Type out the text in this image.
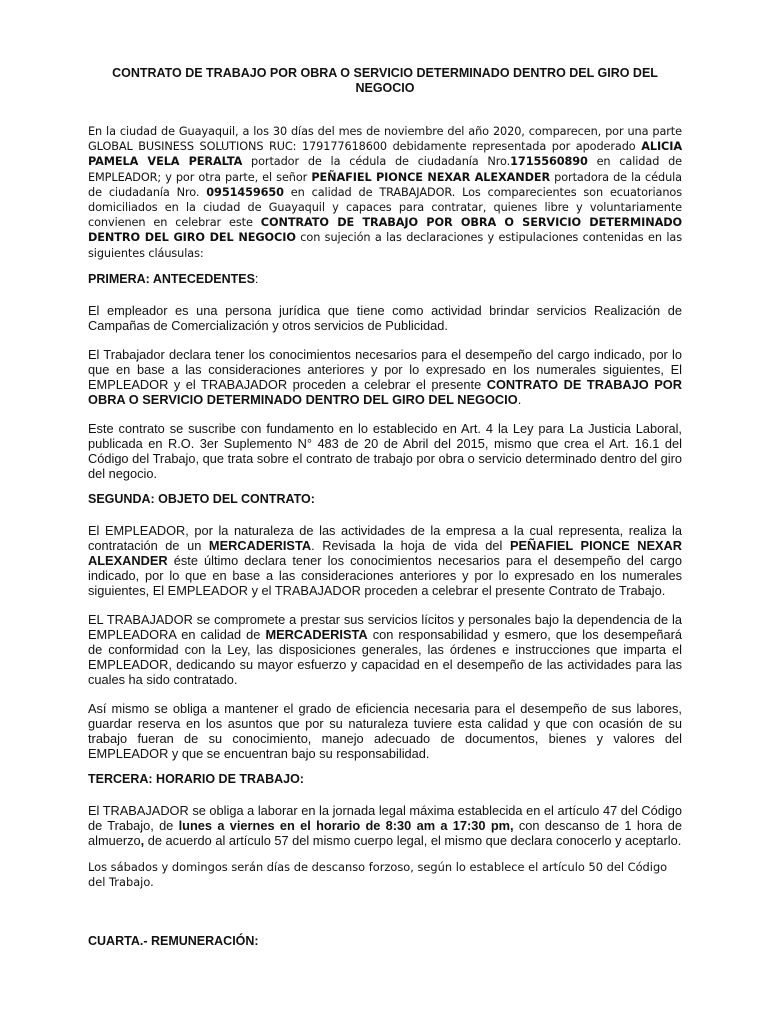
CONTRATO DE TRABAJO POR OBRA O SERVICIO DETERMINADO DENTRO DEL GIRO DEL NEGOCIO

En la ciudad de Guayaquil, a los 30 días del mes de noviembre del año 2020, comparecen, por una parte GLOBAL BUSINESS SOLUTIONS RUC: 179177618600 debidamente representada por apoderado ALICIA PAMELA VELA PERALTA portador de la cédula de ciudadanía Nro.1715560890 en calidad de EMPLEADOR; y por otra parte, el señor PEÑAFIEL PIONCE NEXAR ALEXANDER portadora de la cédula de ciudadanía Nro. 0951459650 en calidad de TRABAJADOR. Los comparecientes son ecuatorianos domiciliados en la ciudad de Guayaquil y capaces para contratar, quienes libre y voluntariamente convienen en celebrar este CONTRATO DE TRABAJO POR OBRA O SERVICIO DETERMINADO DENTRO DEL GIRO DEL NEGOCIO con sujeción a las declaraciones y estipulaciones contenidas en las siguientes cláusulas:

PRIMERA: ANTECEDENTES:

El empleador es una persona jurídica que tiene como actividad brindar servicios Realización de Campañas de Comercialización y otros servicios de Publicidad.

El Trabajador declara tener los conocimientos necesarios para el desempeño del cargo indicado, por lo que en base a las consideraciones anteriores y por lo expresado en los numerales siguientes, El EMPLEADOR y el TRABAJADOR proceden a celebrar el presente CONTRATO DE TRABAJO POR OBRA O SERVICIO DETERMINADO DENTRO DEL GIRO DEL NEGOCIO.

Este contrato se suscribe con fundamento en lo establecido en Art. 4 la Ley para La Justicia Laboral, publicada en R.O. 3er Suplemento N° 483 de 20 de Abril del 2015, mismo que crea el Art. 16.1 del Código del Trabajo, que trata sobre el contrato de trabajo por obra o servicio determinado dentro del giro del negocio.

SEGUNDA: OBJETO DEL CONTRATO:

El EMPLEADOR, por la naturaleza de las actividades de la empresa a la cual representa, realiza la contratación de un MERCADERISTA. Revisada la hoja de vida del PEÑAFIEL PIONCE NEXAR ALEXANDER éste último declara tener los conocimientos necesarios para el desempeño del cargo indicado, por lo que en base a las consideraciones anteriores y por lo expresado en los numerales siguientes, El EMPLEADOR y el TRABAJADOR proceden a celebrar el presente Contrato de Trabajo.

EL TRABAJADOR se compromete a prestar sus servicios lícitos y personales bajo la dependencia de la EMPLEADORA en calidad de MERCADERISTA con responsabilidad y esmero, que los desempeñará de conformidad con la Ley, las disposiciones generales, las órdenes e instrucciones que imparta el EMPLEADOR, dedicando su mayor esfuerzo y capacidad en el desempeño de las actividades para las cuales ha sido contratado.

Así mismo se obliga a mantener el grado de eficiencia necesaria para el desempeño de sus labores, guardar reserva en los asuntos que por su naturaleza tuviere esta calidad y que con ocasión de su trabajo fueran de su conocimiento, manejo adecuado de documentos, bienes y valores del EMPLEADOR y que se encuentran bajo su responsabilidad.

TERCERA: HORARIO DE TRABAJO:

El TRABAJADOR se obliga a laborar en la jornada legal máxima establecida en el artículo 47 del Código de Trabajo, de lunes a viernes en el horario de 8:30 am a 17:30 pm, con descanso de 1 hora de almuerzo, de acuerdo al artículo 57 del mismo cuerpo legal, el mismo que declara conocerlo y aceptarlo.

Los sábados y domingos serán días de descanso forzoso, según lo establece el artículo 50 del Código del Trabajo.

CUARTA.- REMUNERACIÓN:
